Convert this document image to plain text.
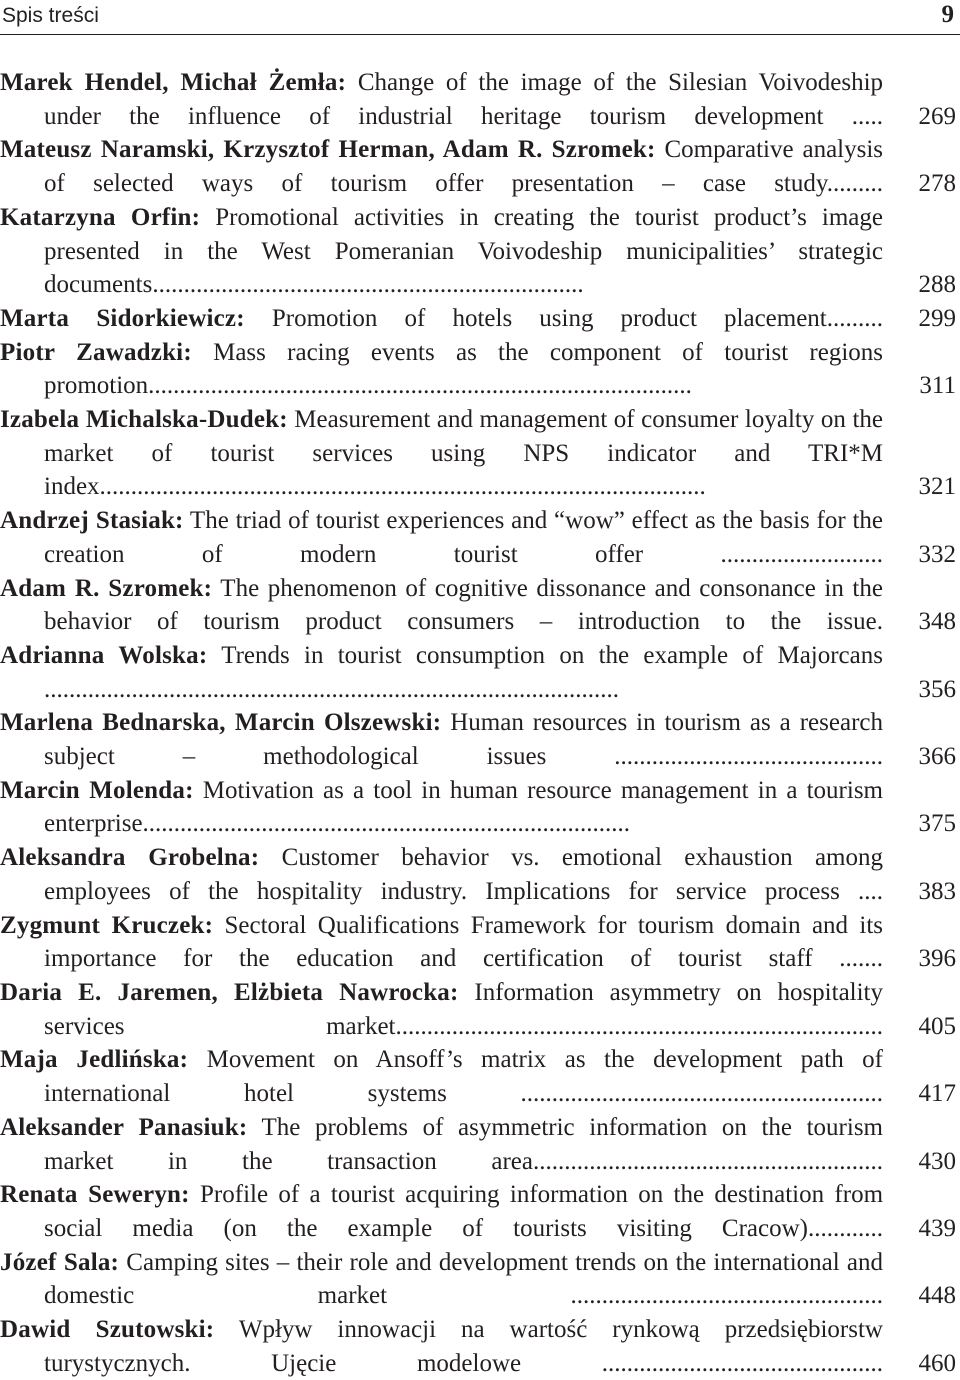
Spis treści	9
Marek Hendel, Michał Żemła: Change of the image of the Silesian Voivodeship under the influence of industrial heritage tourism development .....	269
Mateusz Naramski, Krzysztof Herman, Adam R. Szromek: Comparative analysis of selected ways of tourism offer presentation – case study.........	278
Katarzyna Orfin: Promotional activities in creating the tourist product’s image presented in the West Pomeranian Voivodeship municipalities’ strategic documents.....................................................................	288
Marta Sidorkiewicz: Promotion of hotels using product placement.........	299
Piotr Zawadzki: Mass racing events as the component of tourist regions promotion.......................................................................................	311
Izabela Michalska-Dudek: Measurement and management of consumer loyalty on the market of tourist services using NPS indicator and TRI*M index.................................................................................................	321
Andrzej Stasiak: The triad of tourist experiences and “wow” effect as the basis for the creation of modern tourist offer ..........................	332
Adam R. Szromek: The phenomenon of cognitive dissonance and consonance in the behavior of tourism product consumers – introduction to the issue.	348
Adrianna Wolska: Trends in tourist consumption on the example of Majorcans ............................................................................................	356
Marlena Bednarska, Marcin Olszewski: Human resources in tourism as a research subject – methodological issues ...........................................	366
Marcin Molenda: Motivation as a tool in human resource management in a tourism enterprise..............................................................................	375
Aleksandra Grobelna: Customer behavior vs. emotional exhaustion among employees of the hospitality industry. Implications for service process ....	383
Zygmunt Kruczek: Sectoral Qualifications Framework for tourism domain and its importance for the education and certification of tourist staff .......	396
Daria E. Jaremen, Elżbieta Nawrocka: Information asymmetry on hospitality services market..............................................................................	405
Maja Jedlińska: Movement on Ansoff’s matrix as the development path of international hotel systems ..........................................................	417
Aleksander Panasiuk: The problems of asymmetric information on the tourism market in the transaction area........................................................	430
Renata Seweryn: Profile of a tourist acquiring information on the destination from social media (on the example of tourists visiting Cracow)............	439
Józef Sala: Camping sites – their role and development trends on the international and domestic market ..................................................	448
Dawid Szutowski: Wpływ innowacji na wartość rynkową przedsiębiorstw turystycznych. Ujęcie modelowe .............................................	460
